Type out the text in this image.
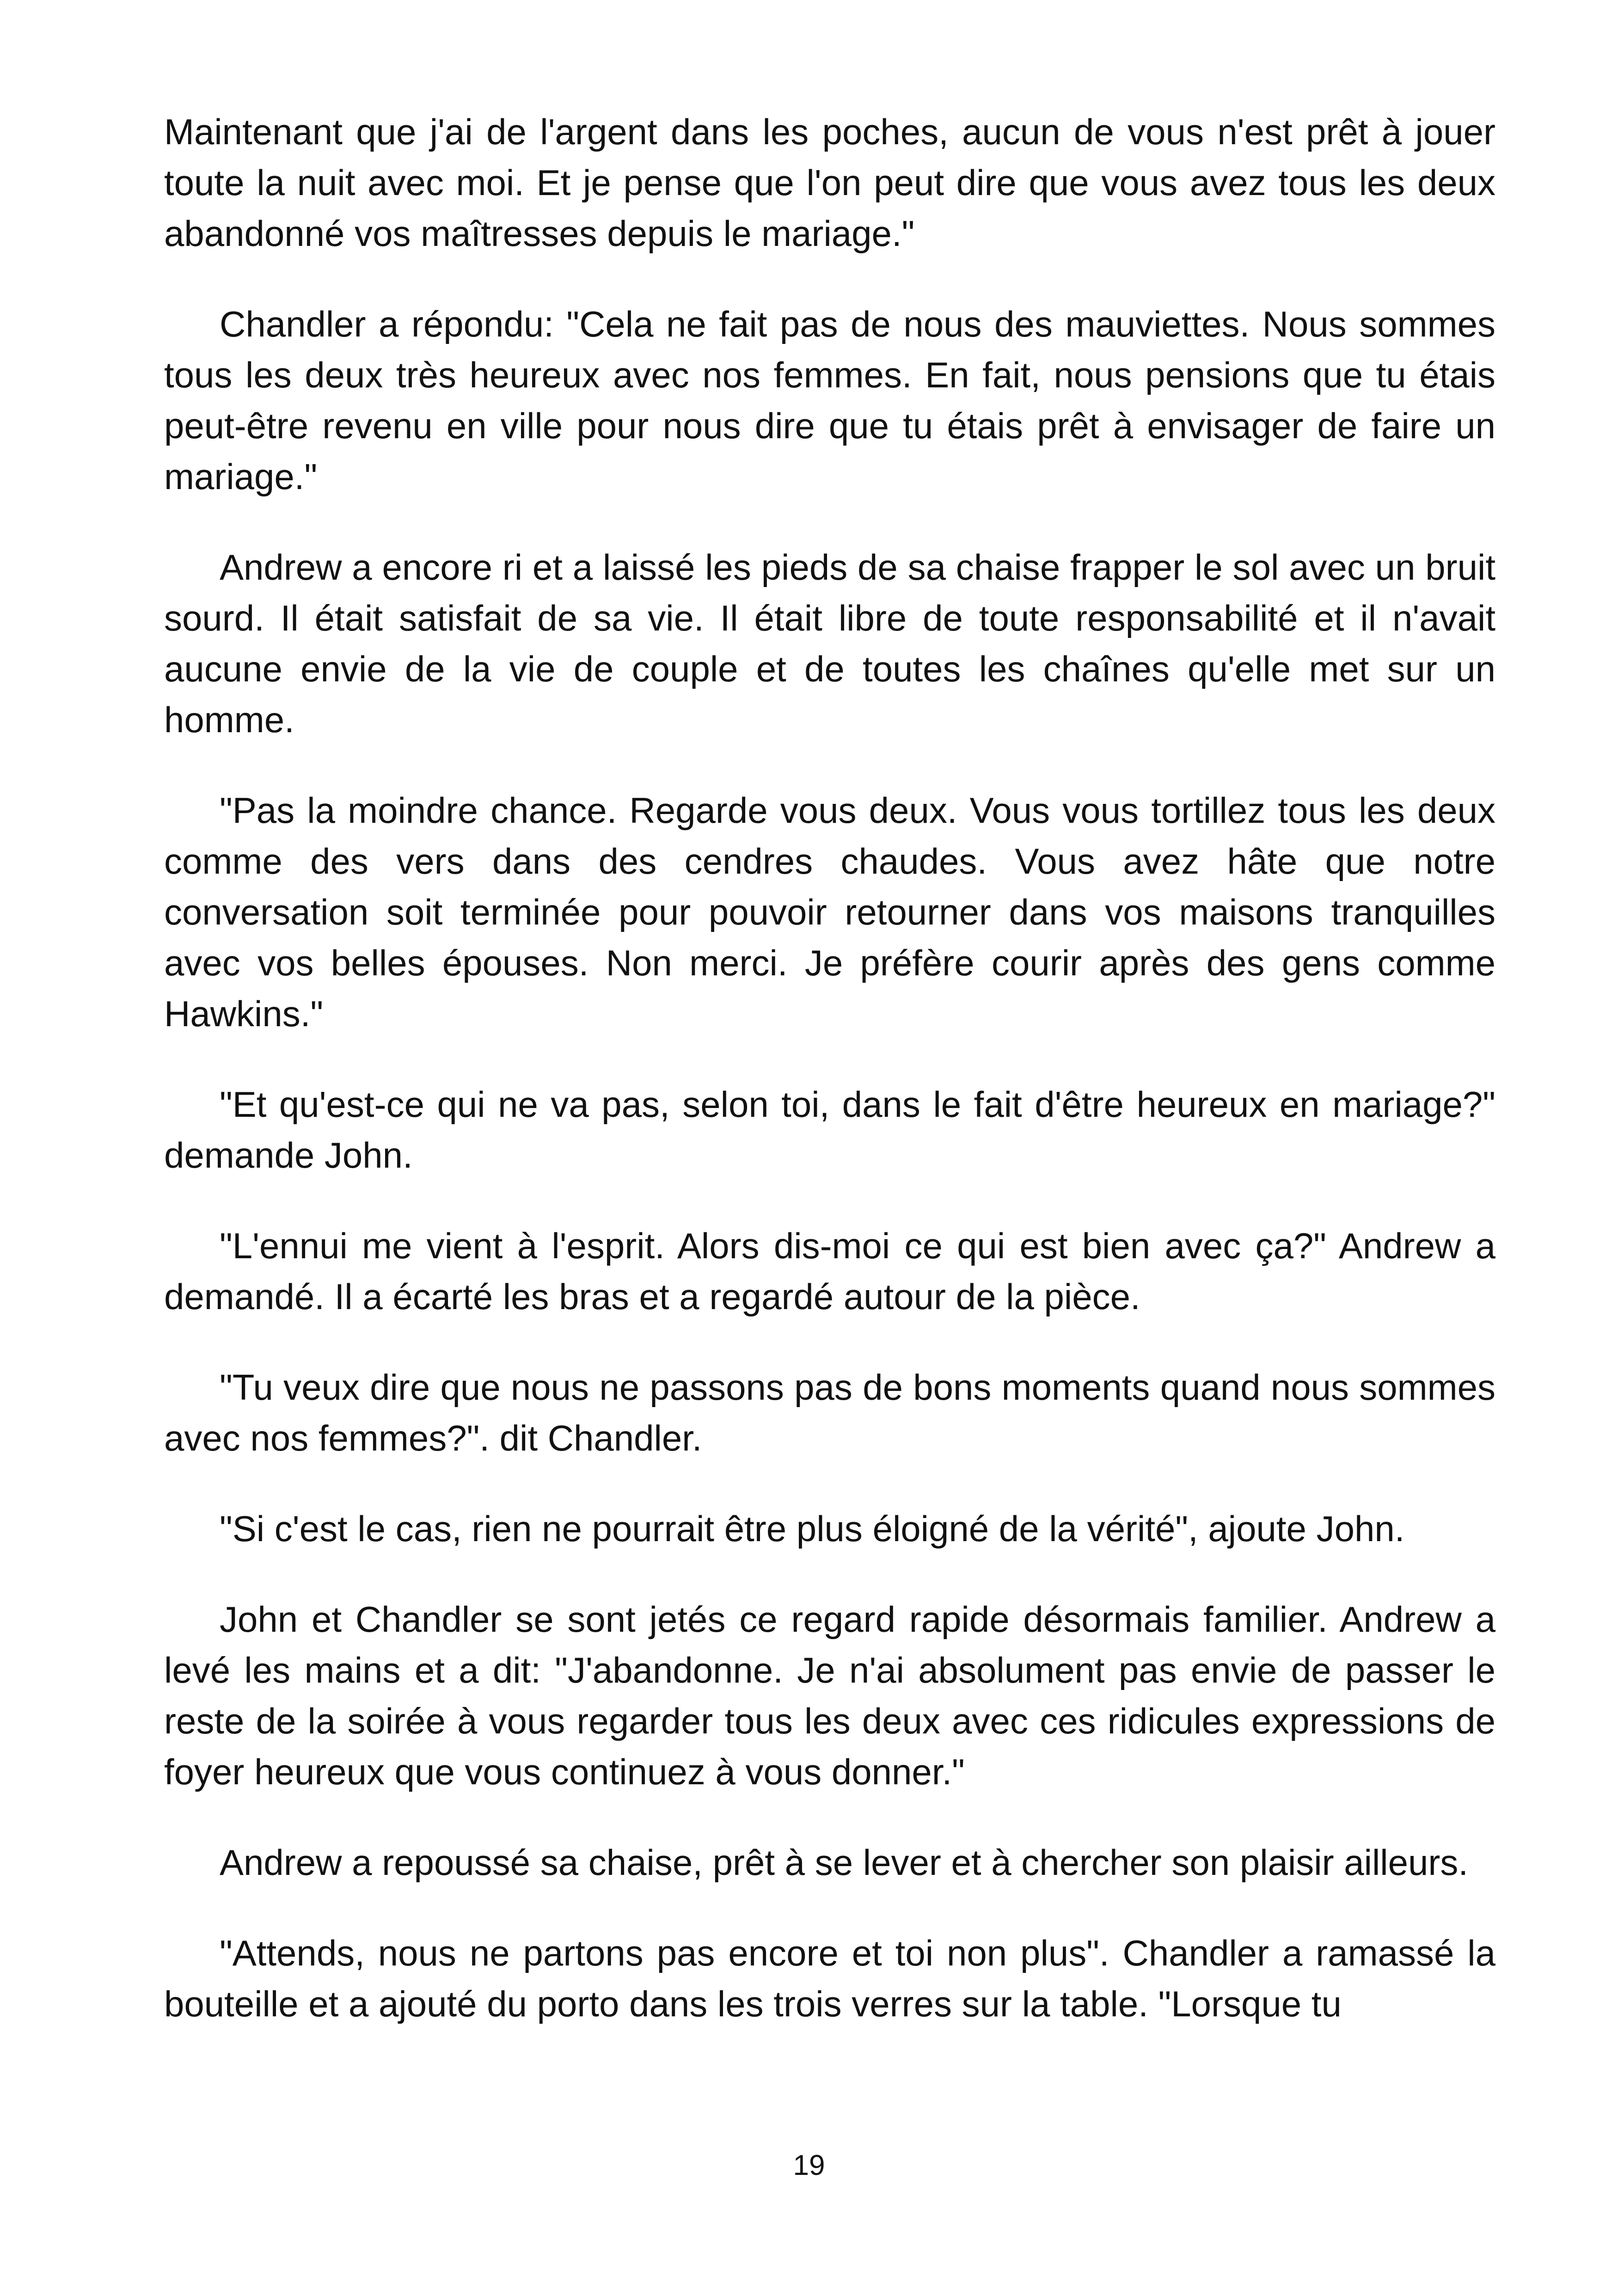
Maintenant que j'ai de l'argent dans les poches, aucun de vous n'est prêt à jouer toute la nuit avec moi. Et je pense que l'on peut dire que vous avez tous les deux abandonné vos maîtresses depuis le mariage."

Chandler a répondu: "Cela ne fait pas de nous des mauviettes. Nous sommes tous les deux très heureux avec nos femmes. En fait, nous pensions que tu étais peut-être revenu en ville pour nous dire que tu étais prêt à envisager de faire un mariage."

Andrew a encore ri et a laissé les pieds de sa chaise frapper le sol avec un bruit sourd. Il était satisfait de sa vie. Il était libre de toute responsabilité et il n'avait aucune envie de la vie de couple et de toutes les chaînes qu'elle met sur un homme.

"Pas la moindre chance. Regarde vous deux. Vous vous tortillez tous les deux comme des vers dans des cendres chaudes. Vous avez hâte que notre conversation soit terminée pour pouvoir retourner dans vos maisons tranquilles avec vos belles épouses. Non merci. Je préfère courir après des gens comme Hawkins."

"Et qu'est-ce qui ne va pas, selon toi, dans le fait d'être heureux en mariage?" demande John.

"L'ennui me vient à l'esprit. Alors dis-moi ce qui est bien avec ça?" Andrew a demandé. Il a écarté les bras et a regardé autour de la pièce.

"Tu veux dire que nous ne passons pas de bons moments quand nous sommes avec nos femmes?". dit Chandler.

"Si c'est le cas, rien ne pourrait être plus éloigné de la vérité", ajoute John.

John et Chandler se sont jetés ce regard rapide désormais familier. Andrew a levé les mains et a dit: "J'abandonne. Je n'ai absolument pas envie de passer le reste de la soirée à vous regarder tous les deux avec ces ridicules expressions de foyer heureux que vous continuez à vous donner."

Andrew a repoussé sa chaise, prêt à se lever et à chercher son plaisir ailleurs.

"Attends, nous ne partons pas encore et toi non plus". Chandler a ramassé la bouteille et a ajouté du porto dans les trois verres sur la table. "Lorsque tu

19
